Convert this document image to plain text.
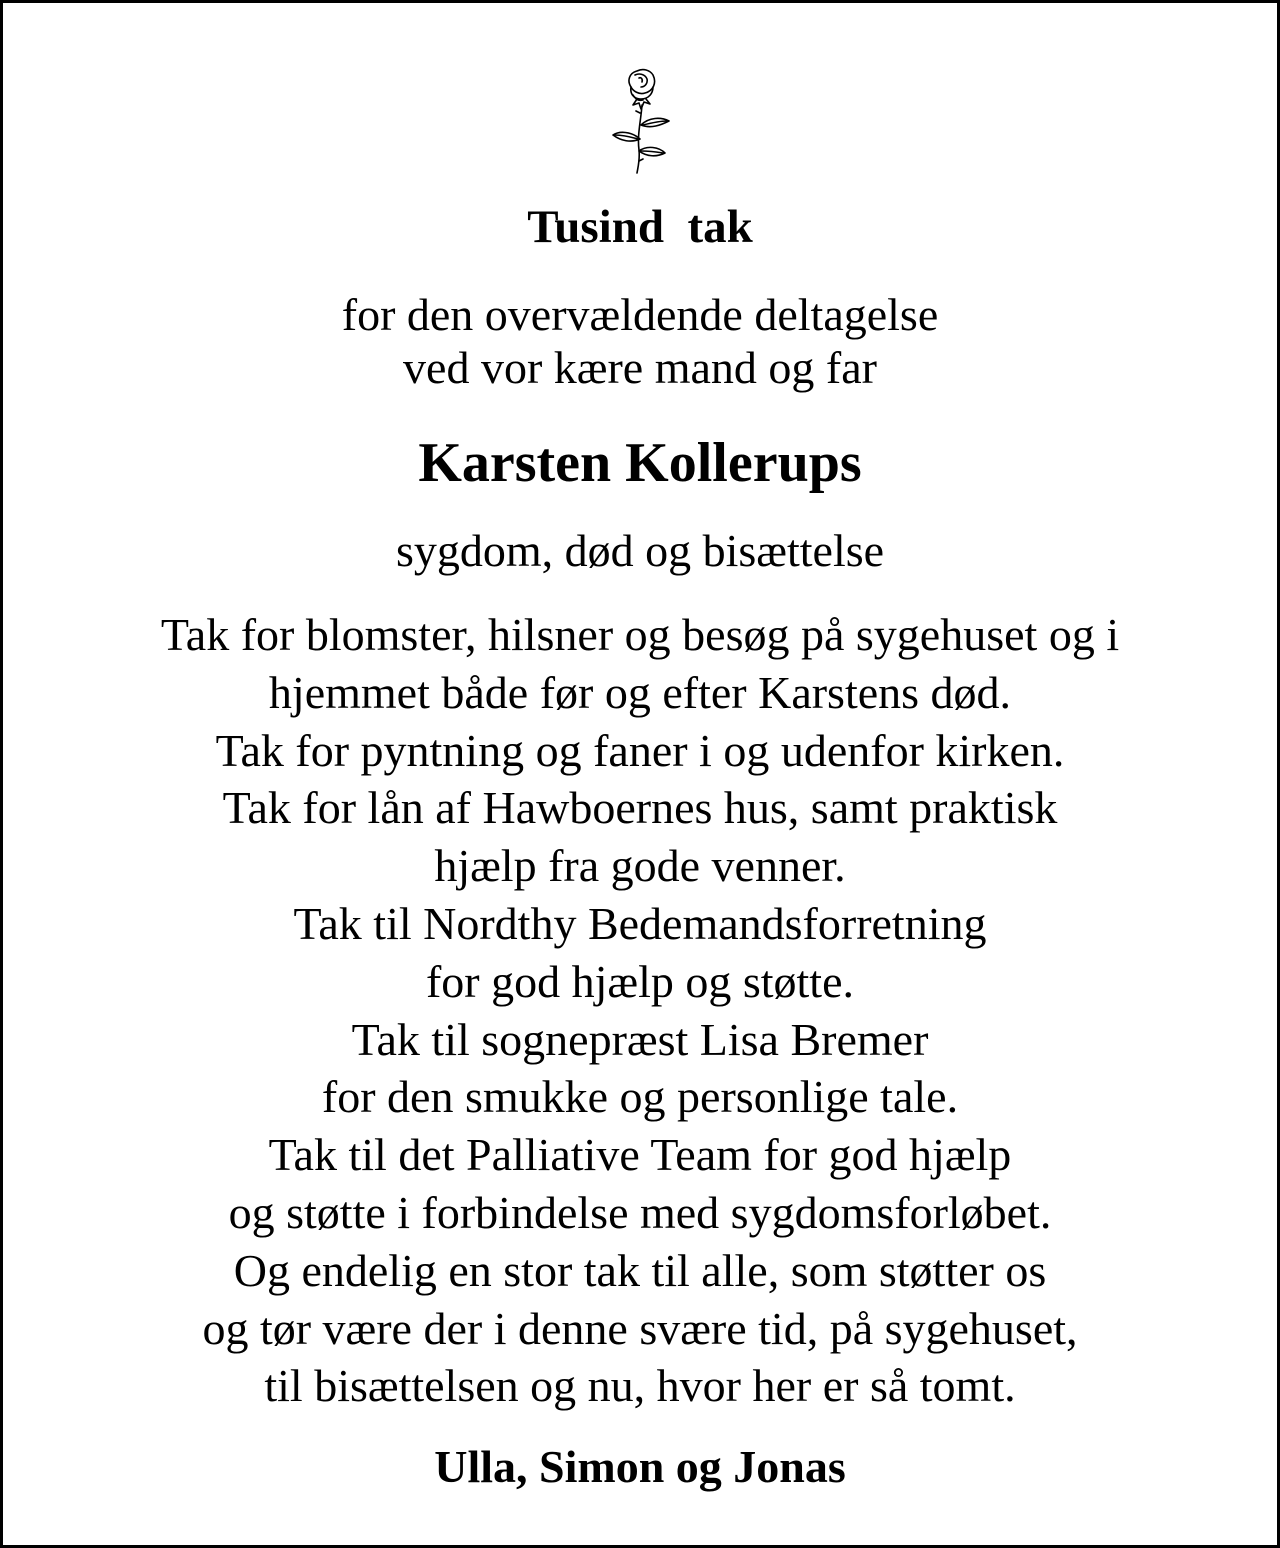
Tusind  tak
for den overvældende deltagelse
ved vor kære mand og far
Karsten Kollerups
sygdom, død og bisættelse
Tak for blomster, hilsner og besøg på sygehuset og i
hjemmet både før og efter Karstens død.
Tak for pyntning og faner i og udenfor kirken.
Tak for lån af Hawboernes hus, samt praktisk
hjælp fra gode venner.
Tak til Nordthy Bedemandsforretning
for god hjælp og støtte.
Tak til sognepræst Lisa Bremer
for den smukke og personlige tale.
Tak til det Palliative Team for god hjælp
og støtte i forbindelse med sygdomsforløbet.
Og endelig en stor tak til alle, som støtter os
og tør være der i denne svære tid, på sygehuset,
til bisættelsen og nu, hvor her er så tomt.
Ulla, Simon og Jonas
